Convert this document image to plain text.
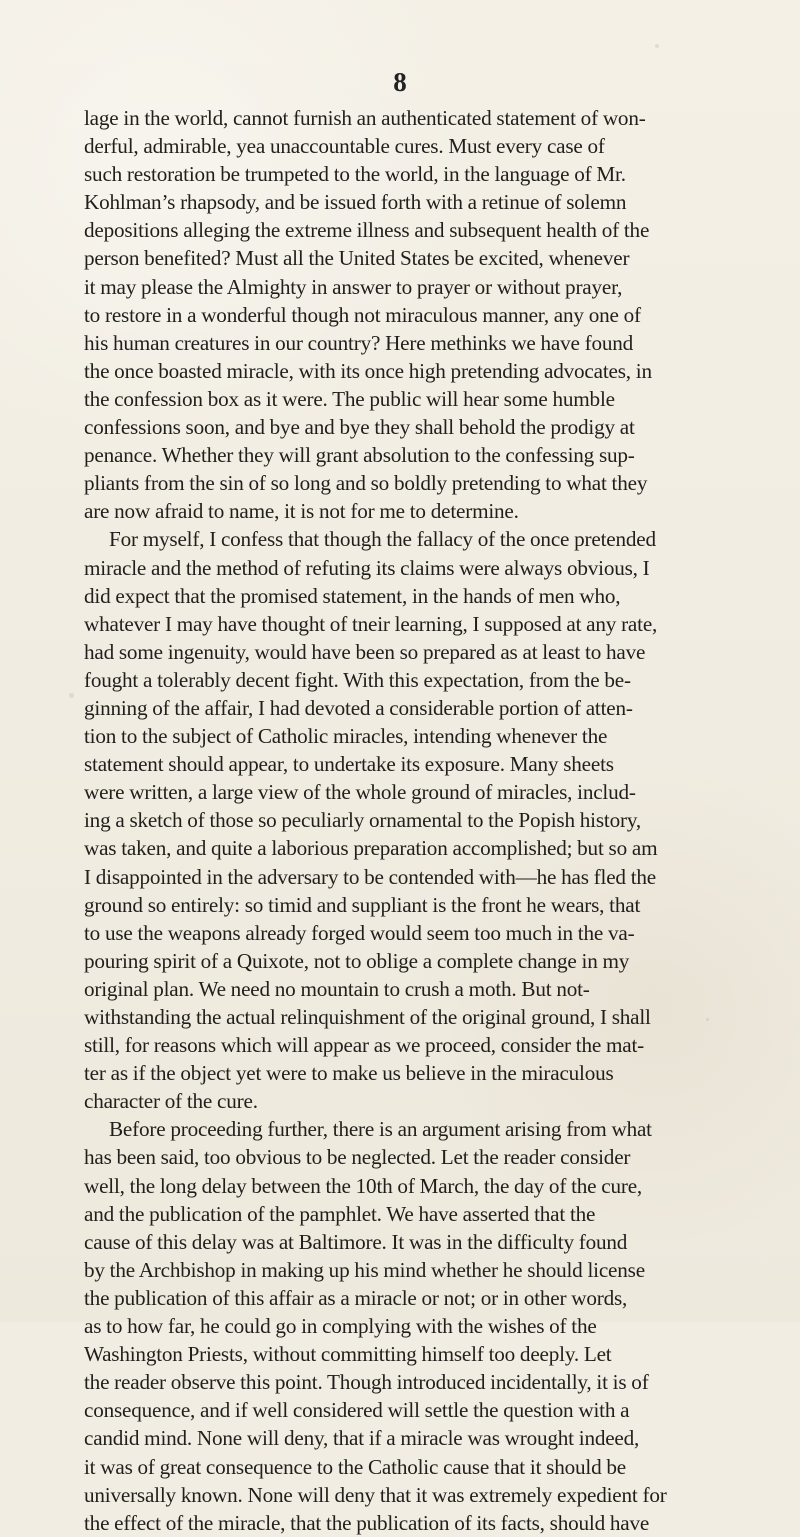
8
lage in the world, cannot furnish an authenticated statement of won-
derful, admirable, yea unaccountable cures. Must every case of
such restoration be trumpeted to the world, in the language of Mr.
Kohlman’s rhapsody, and be issued forth with a retinue of solemn
depositions alleging the extreme illness and subsequent health of the
person benefited? Must all the United States be excited, whenever
it may please the Almighty in answer to prayer or without prayer,
to restore in a wonderful though not miraculous manner, any one of
his human creatures in our country? Here methinks we have found
the once boasted miracle, with its once high pretending advocates, in
the confession box as it were. The public will hear some humble
confessions soon, and bye and bye they shall behold the prodigy at
penance. Whether they will grant absolution to the confessing sup-
pliants from the sin of so long and so boldly pretending to what they
are now afraid to name, it is not for me to determine.
For myself, I confess that though the fallacy of the once pretended
miracle and the method of refuting its claims were always obvious, I
did expect that the promised statement, in the hands of men who,
whatever I may have thought of tneir learning, I supposed at any rate,
had some ingenuity, would have been so prepared as at least to have
fought a tolerably decent fight. With this expectation, from the be-
ginning of the affair, I had devoted a considerable portion of atten-
tion to the subject of Catholic miracles, intending whenever the
statement should appear, to undertake its exposure. Many sheets
were written, a large view of the whole ground of miracles, includ-
ing a sketch of those so peculiarly ornamental to the Popish history,
was taken, and quite a laborious preparation accomplished; but so am
I disappointed in the adversary to be contended with—he has fled the
ground so entirely: so timid and suppliant is the front he wears, that
to use the weapons already forged would seem too much in the va-
pouring spirit of a Quixote, not to oblige a complete change in my
original plan. We need no mountain to crush a moth. But not-
withstanding the actual relinquishment of the original ground, I shall
still, for reasons which will appear as we proceed, consider the mat-
ter as if the object yet were to make us believe in the miraculous
character of the cure.
Before proceeding further, there is an argument arising from what
has been said, too obvious to be neglected. Let the reader consider
well, the long delay between the 10th of March, the day of the cure,
and the publication of the pamphlet. We have asserted that the
cause of this delay was at Baltimore. It was in the difficulty found
by the Archbishop in making up his mind whether he should license
the publication of this affair as a miracle or not; or in other words,
as to how far, he could go in complying with the wishes of the
Washington Priests, without committing himself too deeply. Let
the reader observe this point. Though introduced incidentally, it is of
consequence, and if well considered will settle the question with a
candid mind. None will deny, that if a miracle was wrought indeed,
it was of great consequence to the Catholic cause that it should be
universally known. None will deny that it was extremely expedient for
the effect of the miracle, that the publication of its facts, should have
